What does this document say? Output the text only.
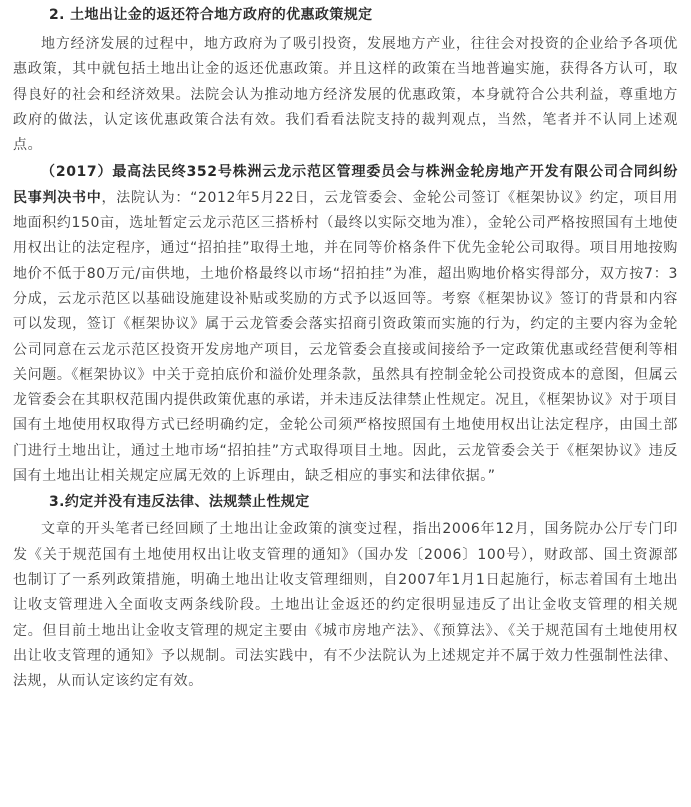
2. 土地出让金的返还符合地方政府的优惠政策规定

地方经济发展的过程中，地方政府为了吸引投资，发展地方产业，往往会对投资的企业给予各项优惠政策，其中就包括土地出让金的返还优惠政策。并且这样的政策在当地普遍实施，获得各方认可，取得良好的社会和经济效果。法院会认为推动地方经济发展的优惠政策，本身就符合公共利益，尊重地方政府的做法，认定该优惠政策合法有效。我们看看法院支持的裁判观点，当然，笔者并不认同上述观点。

（2017）最高法民终352号株洲云龙示范区管理委员会与株洲金轮房地产开发有限公司合同纠纷民事判决书中，法院认为：“2012年5月22日，云龙管委会、金轮公司签订《框架协议》约定，项目用地面积约150亩，选址暂定云龙示范区三搭桥村（最终以实际交地为准），金轮公司严格按照国有土地使用权出让的法定程序，通过“招拍挂”取得土地，并在同等价格条件下优先金轮公司取得。项目用地按购地价不低于80万元/亩供地，土地价格最终以市场“招拍挂”为准，超出购地价格实得部分，双方按7：3分成，云龙示范区以基础设施建设补贴或奖励的方式予以返回等。考察《框架协议》签订的背景和内容可以发现，签订《框架协议》属于云龙管委会落实招商引资政策而实施的行为，约定的主要内容为金轮公司同意在云龙示范区投资开发房地产项目，云龙管委会直接或间接给予一定政策优惠或经营便利等相关问题。《框架协议》中关于竞拍底价和溢价处理条款，虽然具有控制金轮公司投资成本的意图，但属云龙管委会在其职权范围内提供政策优惠的承诺，并未违反法律禁止性规定。况且，《框架协议》对于项目国有土地使用权取得方式已经明确约定，金轮公司须严格按照国有土地使用权出让法定程序，由国土部门进行土地出让，通过土地市场“招拍挂”方式取得项目土地。因此，云龙管委会关于《框架协议》违反国有土地出让相关规定应属无效的上诉理由，缺乏相应的事实和法律依据。”

3.约定并没有违反法律、法规禁止性规定

文章的开头笔者已经回顾了土地出让金政策的演变过程，指出2006年12月，国务院办公厅专门印发《关于规范国有土地使用权出让收支管理的通知》（国办发〔2006〕100号），财政部、国土资源部也制订了一系列政策措施，明确土地出让收支管理细则，自2007年1月1日起施行，标志着国有土地出让收支管理进入全面收支两条线阶段。土地出让金返还的约定很明显违反了出让金收支管理的相关规定。但目前土地出让金收支管理的规定主要由《城市房地产法》、《预算法》、《关于规范国有土地使用权出让收支管理的通知》予以规制。司法实践中，有不少法院认为上述规定并不属于效力性强制性法律、法规，从而认定该约定有效。
